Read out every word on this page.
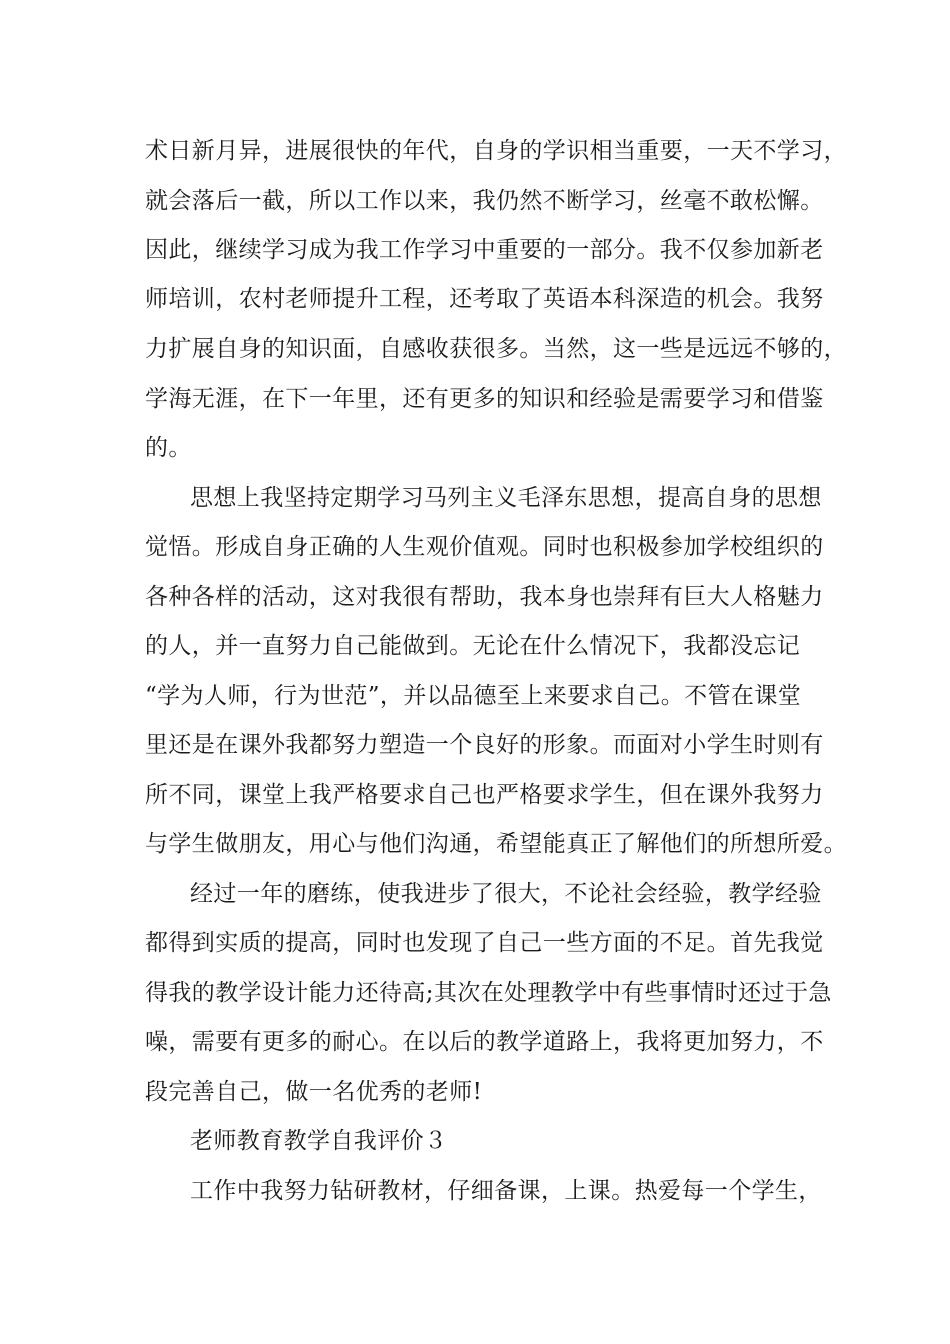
术日新月异，进展很快的年代，自身的学识相当重要，一天不学习，
就会落后一截，所以工作以来，我仍然不断学习，丝毫不敢松懈。
因此，继续学习成为我工作学习中重要的一部分。我不仅参加新老
师培训，农村老师提升工程，还考取了英语本科深造的机会。我努
力扩展自身的知识面，自感收获很多。当然，这一些是远远不够的，
学海无涯，在下一年里，还有更多的知识和经验是需要学习和借鉴
的。
思想上我坚持定期学习马列主义毛泽东思想，提高自身的思想
觉悟。形成自身正确的人生观价值观。同时也积极参加学校组织的
各种各样的活动，这对我很有帮助，我本身也崇拜有巨大人格魅力
的人，并一直努力自己能做到。无论在什么情况下，我都没忘记
“学为人师，行为世范”，并以品德至上来要求自己。不管在课堂
里还是在课外我都努力塑造一个良好的形象。而面对小学生时则有
所不同，课堂上我严格要求自己也严格要求学生，但在课外我努力
与学生做朋友，用心与他们沟通，希望能真正了解他们的所想所爱。
经过一年的磨练，使我进步了很大，不论社会经验，教学经验
都得到实质的提高，同时也发现了自己一些方面的不足。首先我觉
得我的教学设计能力还待高;其次在处理教学中有些事情时还过于急
噪，需要有更多的耐心。在以后的教学道路上，我将更加努力，不
段完善自己，做一名优秀的老师!
老师教育教学自我评价３
工作中我努力钻研教材，仔细备课，上课。热爱每一个学生，
